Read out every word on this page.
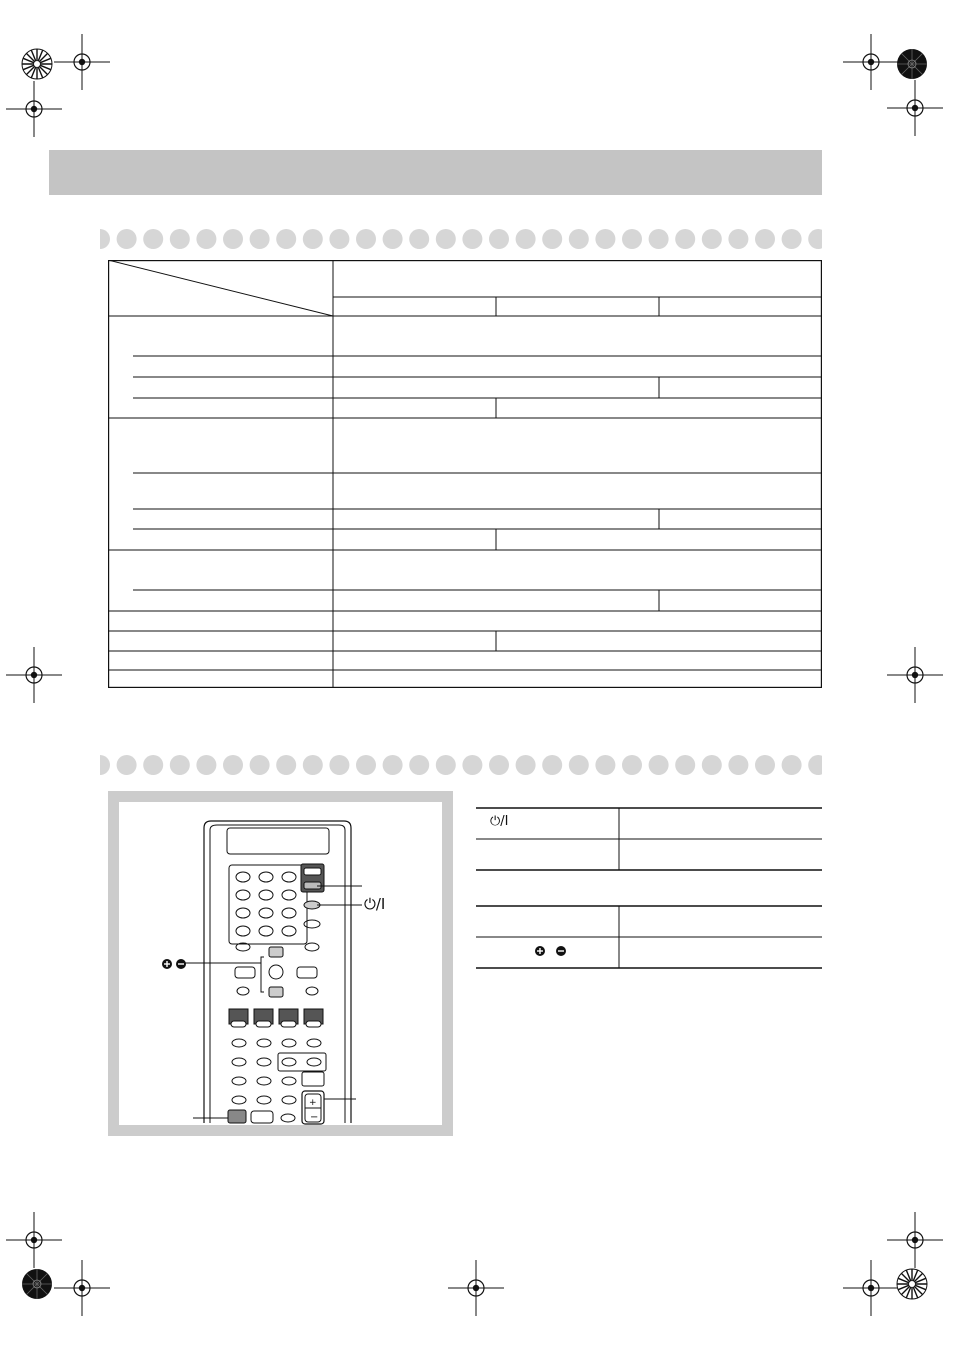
+
−
⏻/I
⏻/I
